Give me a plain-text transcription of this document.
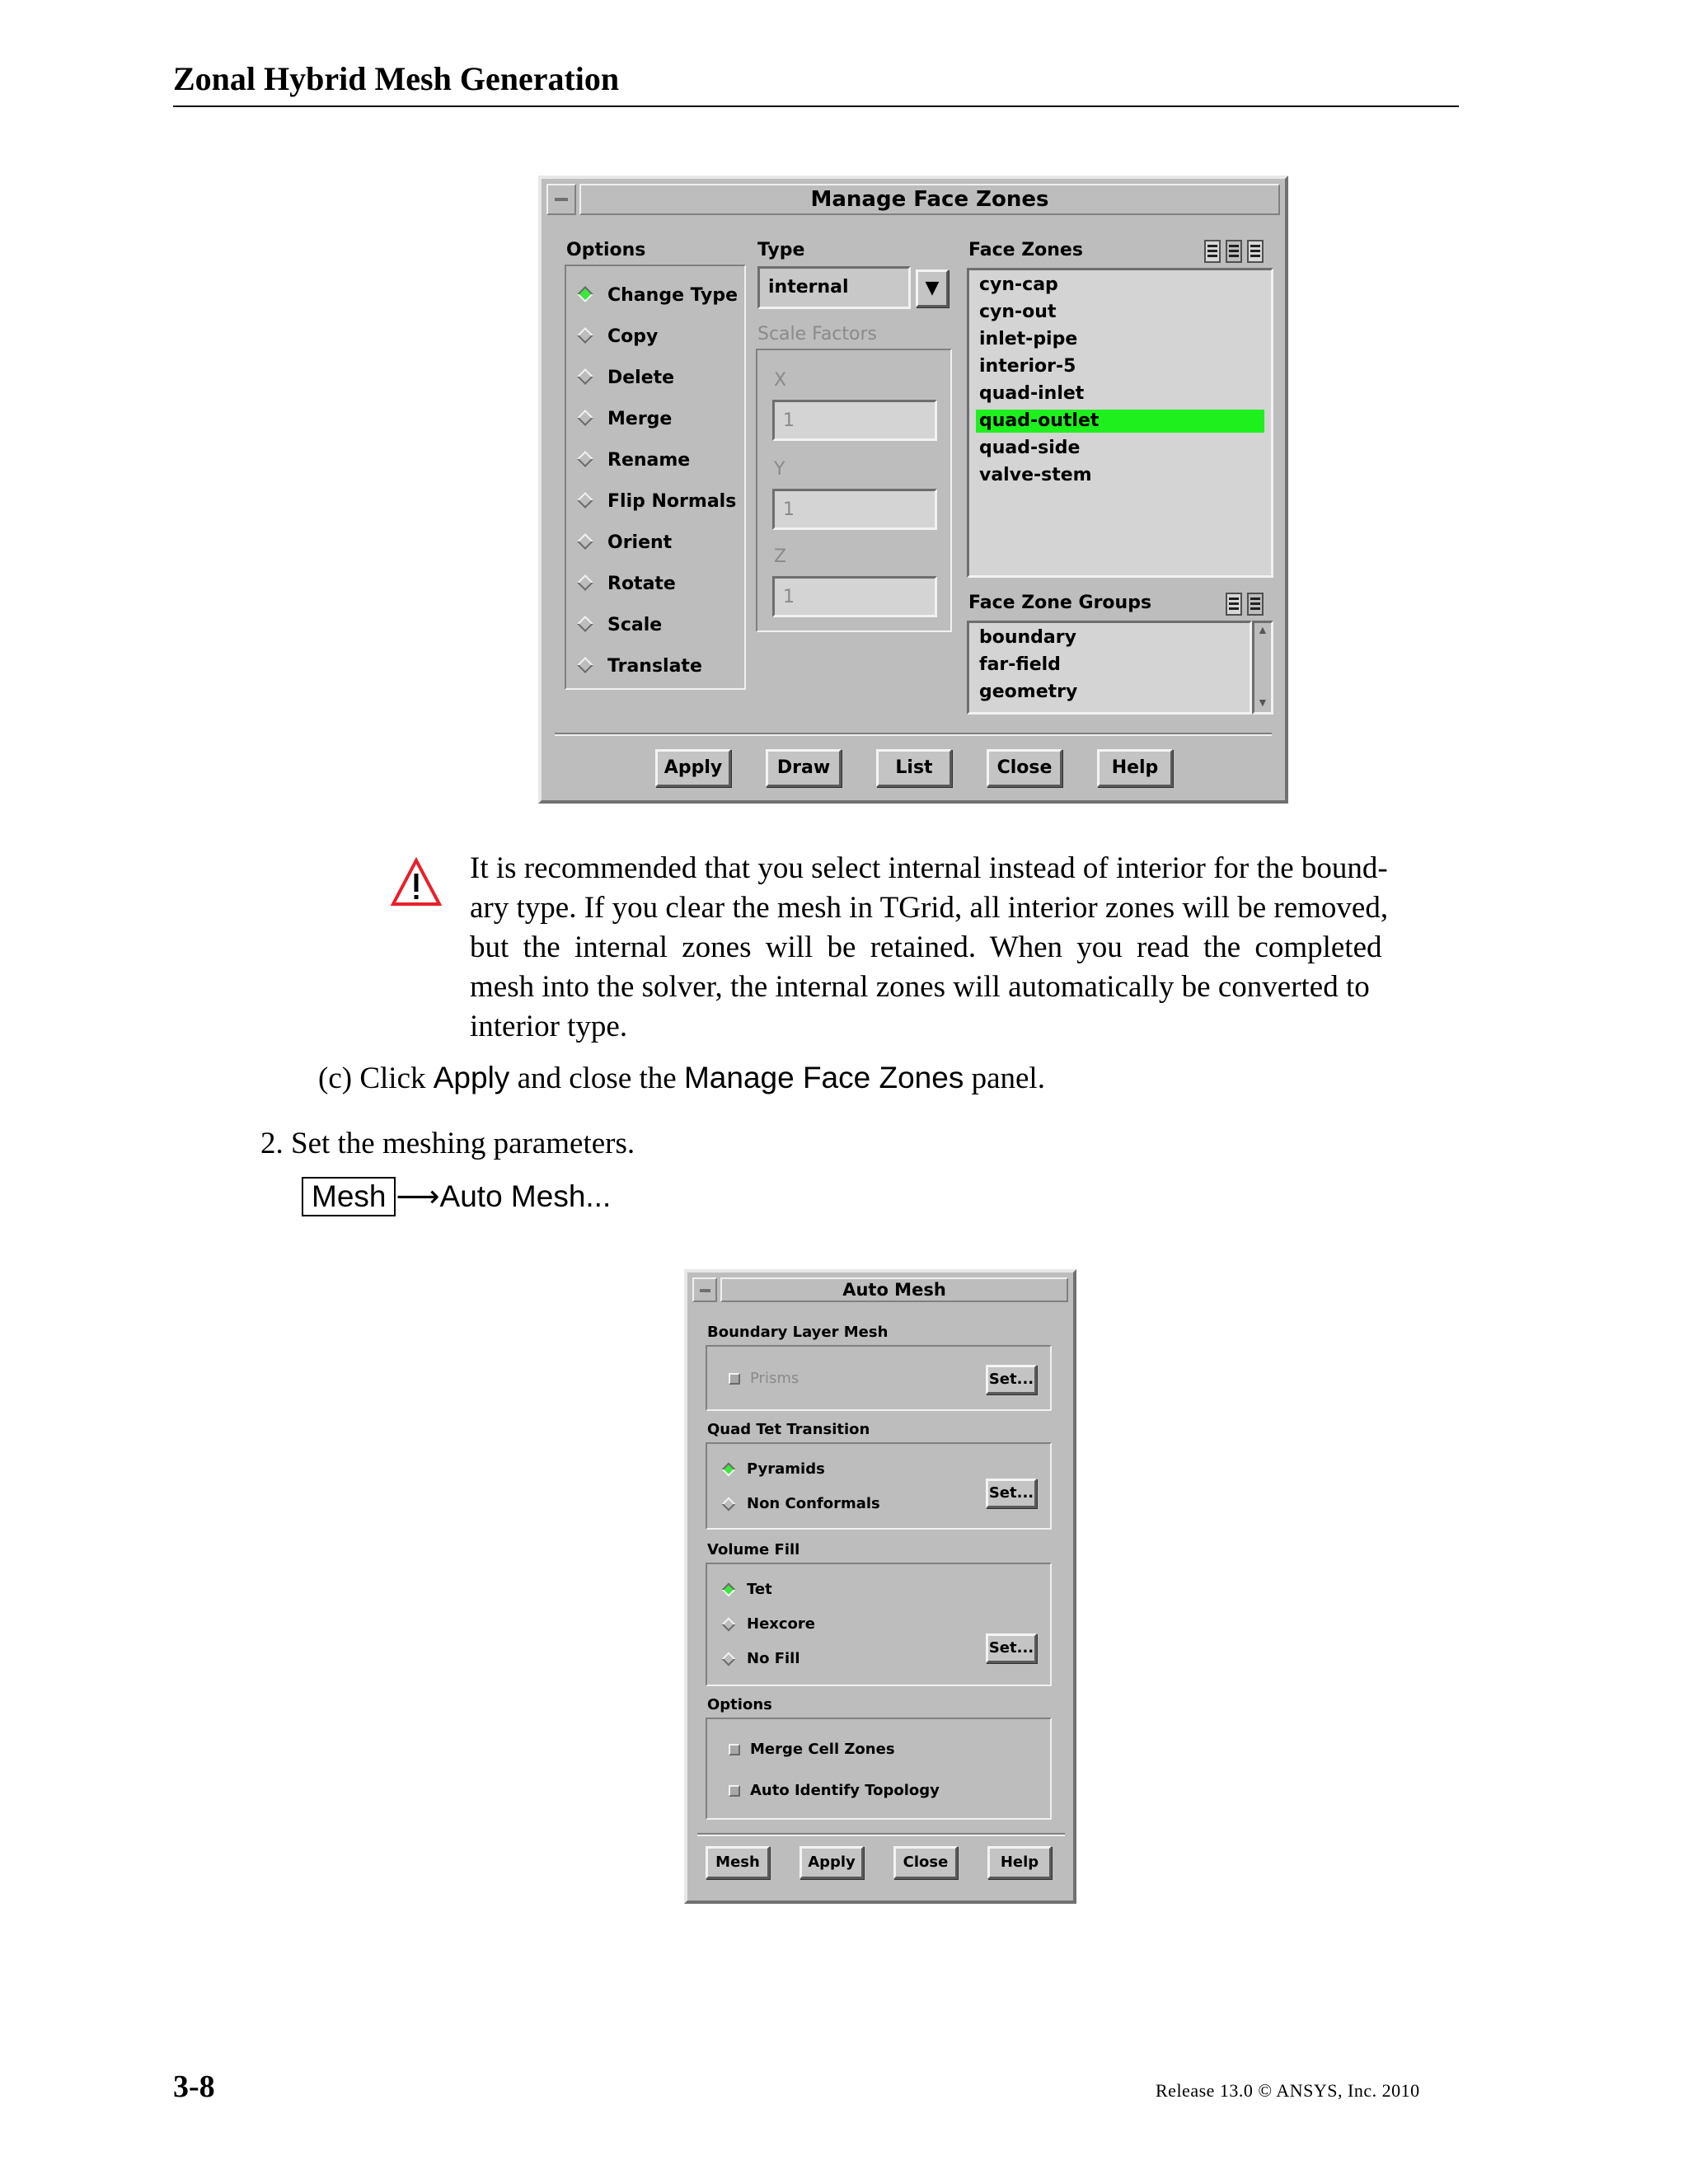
Zonal Hybrid Mesh Generation
Manage Face Zones
Options
Change Type
Copy
Delete
Merge
Rename
Flip Normals
Orient
Rotate
Scale
Translate
Type
internal	▼
Scale Factors
X
1
Y
1
Z
1
Face Zones
cyn-cap
cyn-out
inlet-pipe
interior-5
quad-inlet
quad-outlet
quad-side
valve-stem
Face Zone Groups
boundary
far-field
geometry
▲
▼
Apply	Draw	List	Close	Help
It is recommended that you select internal instead of interior for the bound-
ary type. If you clear the mesh in TGrid, all interior zones will be removed,
but the internal zones will be retained. When you read the completed
mesh into the solver, the internal zones will automatically be converted to
interior type.
(c) Click Apply and close the Manage Face Zones panel.
2. Set the meshing parameters.
Mesh ⟶Auto Mesh...
Auto Mesh
Boundary Layer Mesh
Prisms	Set...
Quad Tet Transition
Pyramids
Non Conformals
Set...
Volume Fill
Tet
Hexcore
No Fill
Set...
Options
Merge Cell Zones
Auto Identify Topology
Mesh	Apply	Close	Help
3-8	Release 13.0 © ANSYS, Inc. 2010
